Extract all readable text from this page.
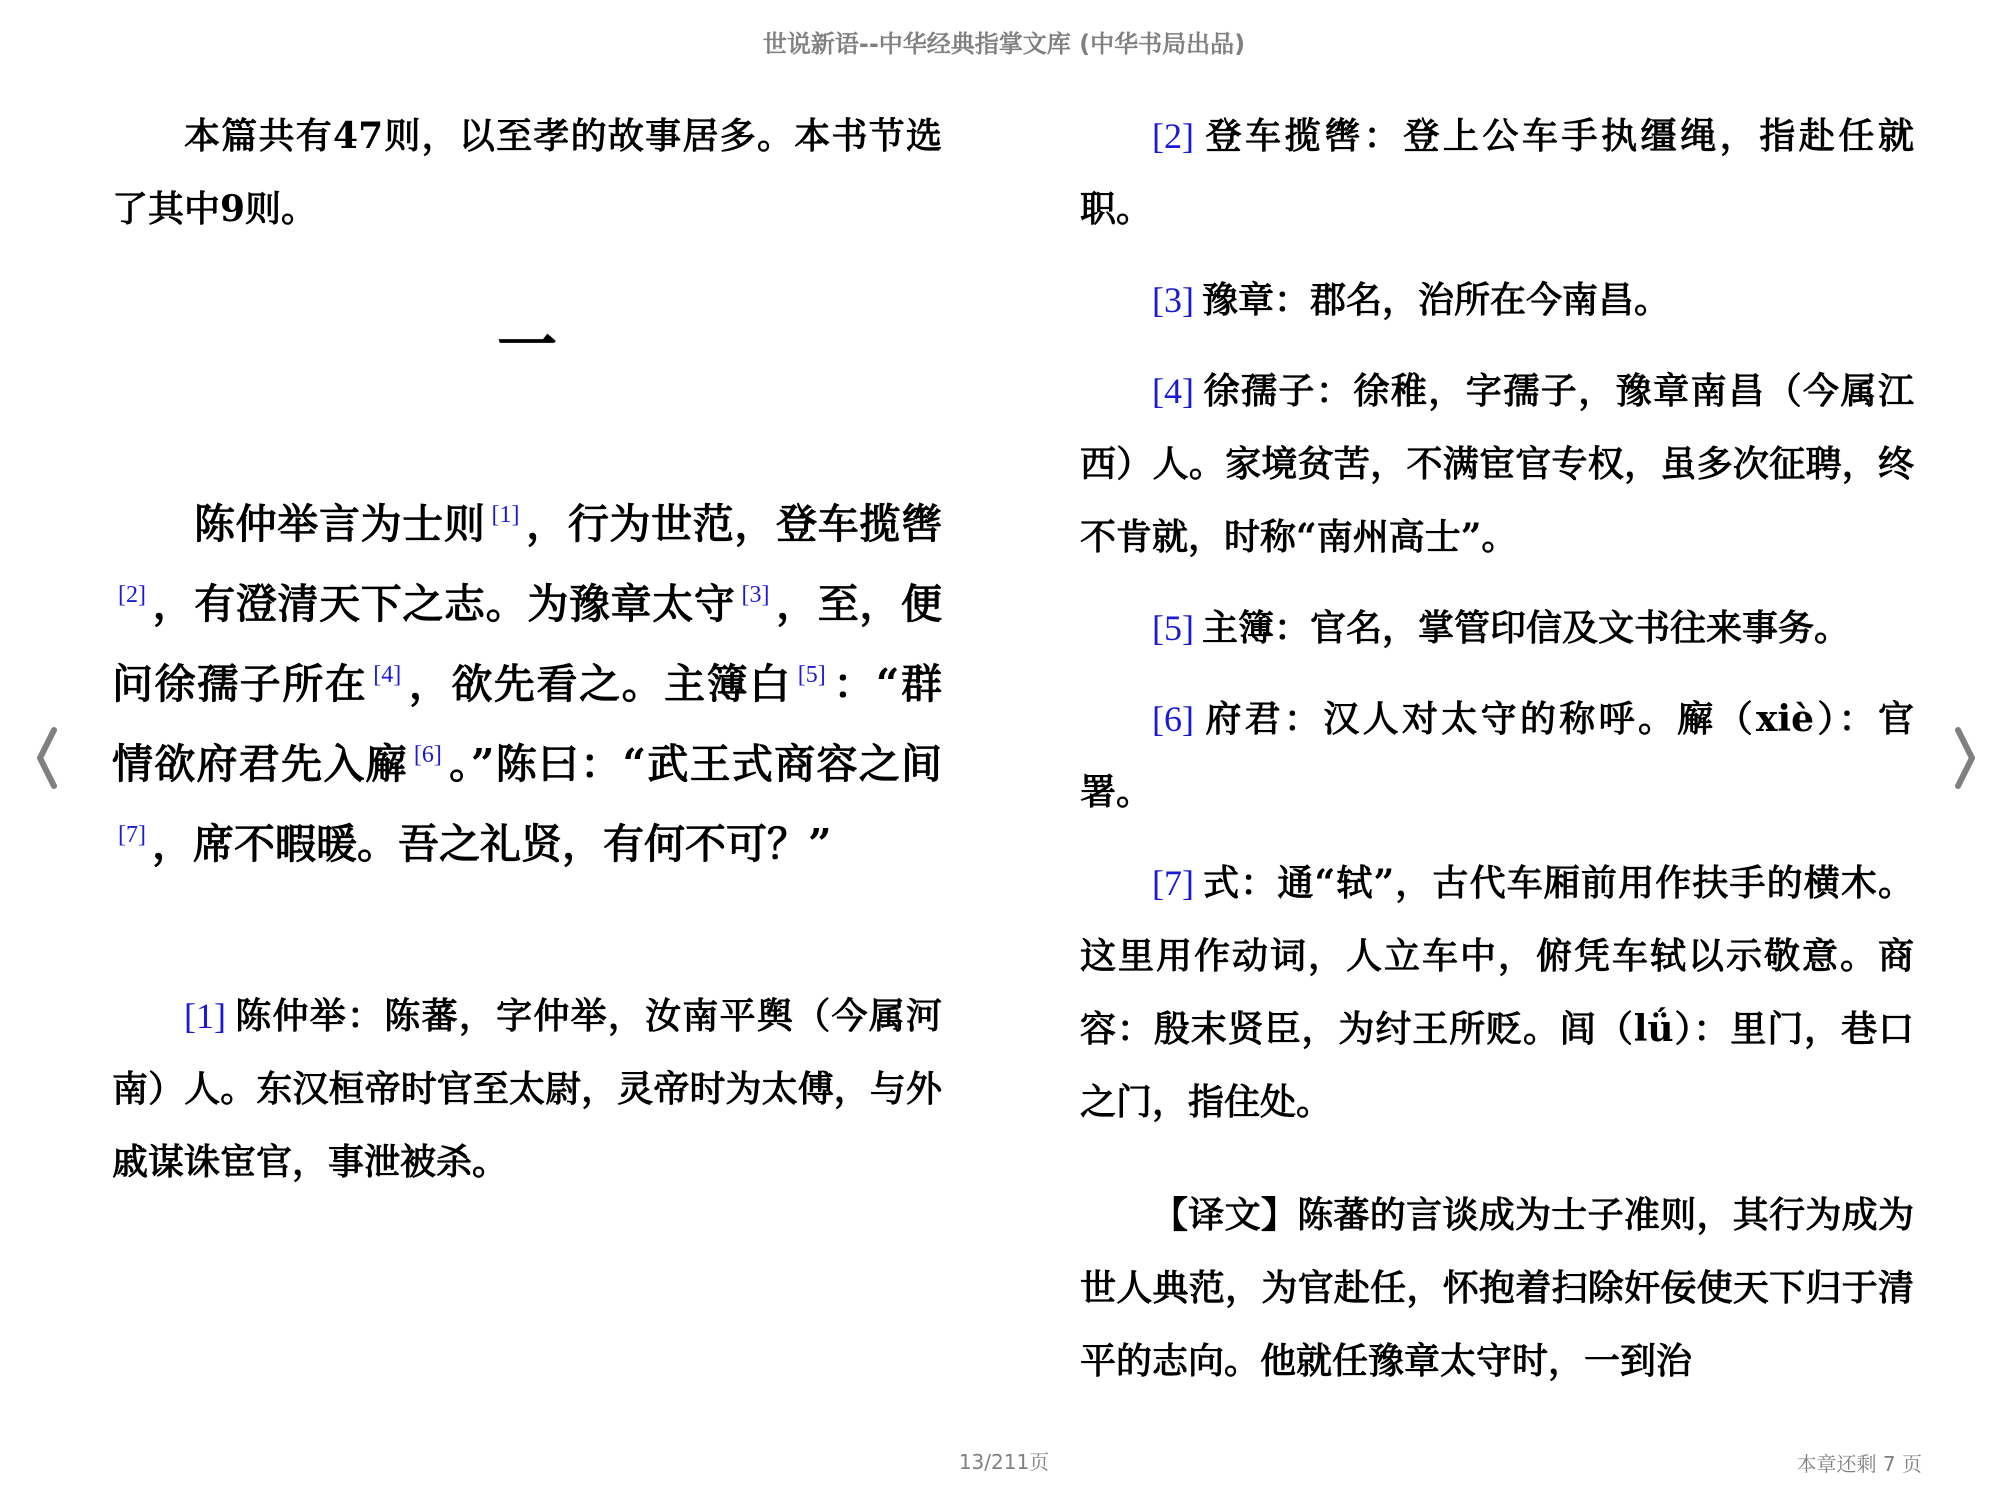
世说新语--中华经典指掌文库 (中华书局出品)

本篇共有47则，以至孝的故事居多。本书节选了其中9则。

一

陈仲举言为士则 [1] ，行为世范，登车揽辔[2] ，有澄清天下之志。为豫章太守 [3] ，至，便问徐孺子所在 [4] ，欲先看之。主簿白 [5] ：“群情欲府君先入廨 [6] 。”陈曰：“武王式商容之间[7] ，席不暇暖。吾之礼贤，有何不可？”

[1] 陈仲举：陈蕃，字仲举，汝南平舆（今属河南）人。东汉桓帝时官至太尉，灵帝时为太傅，与外戚谋诛宦官，事泄被杀。

[2] 登车揽辔：登上公车手执缰绳，指赴任就职。

[3] 豫章：郡名，治所在今南昌。

[4] 徐孺子：徐稚，字孺子，豫章南昌（今属江西）人。家境贫苦，不满宦官专权，虽多次征聘，终不肯就，时称“南州高士”。

[5] 主簿：官名，掌管印信及文书往来事务。

[6] 府君：汉人对太守的称呼。廨（xiè）：官署。

[7] 式：通“轼”，古代车厢前用作扶手的横木。这里用作动词，人立车中，俯凭车轼以示敬意。商容：殷末贤臣，为纣王所贬。闾（lǘ）：里门，巷口之门，指住处。

【译文】陈蕃的言谈成为士子准则，其行为成为世人典范，为官赴任，怀抱着扫除奸佞使天下归于清平的志向。他就任豫章太守时，一到治

13/211页	本章还剩 7 页
